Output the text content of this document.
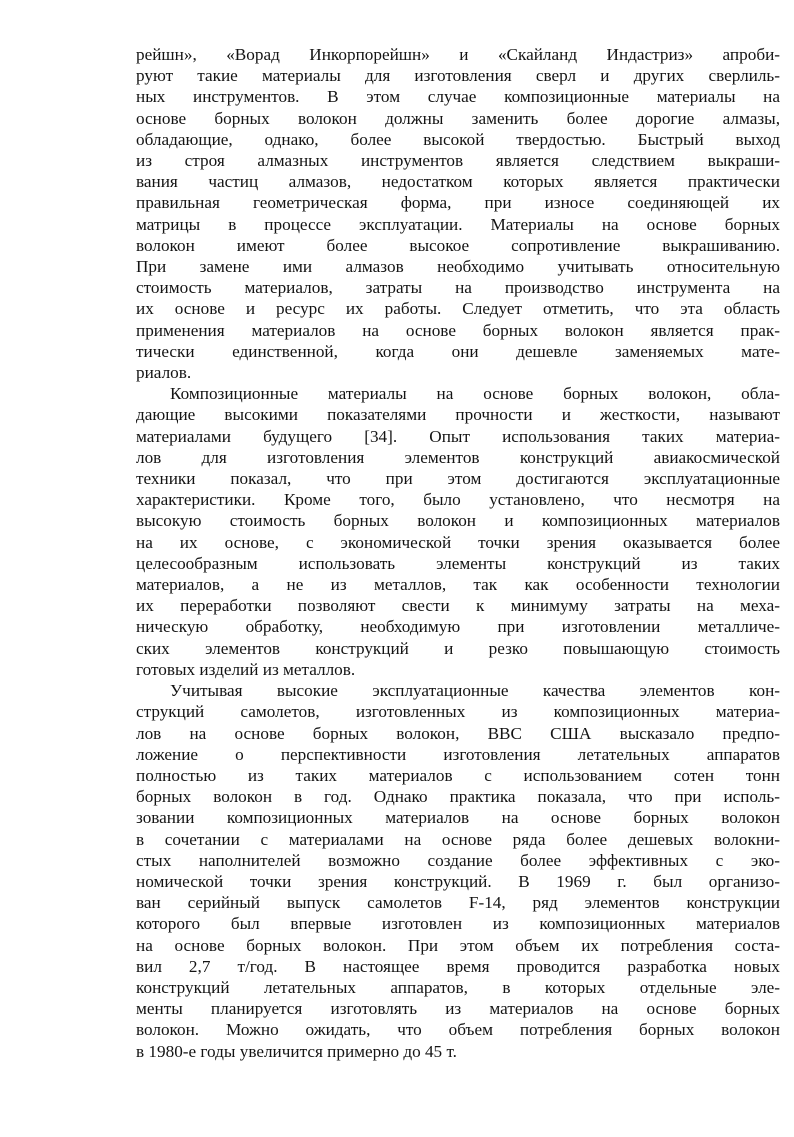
рейшн», «Ворад Инкорпорейшн» и «Скайланд Индастриз» апроби-
руют такие материалы для изготовления сверл и других сверлиль-
ных инструментов. В этом случае композиционные материалы на
основе борных волокон должны заменить более дорогие алмазы,
обладающие, однако, более высокой твердостью. Быстрый выход
из строя алмазных инструментов является следствием выкраши-
вания частиц алмазов, недостатком которых является практически
правильная геометрическая форма, при износе соединяющей их
матрицы в процессе эксплуатации. Материалы на основе борных
волокон имеют более высокое сопротивление выкрашиванию.
При замене ими алмазов необходимо учитывать относительную
стоимость материалов, затраты на производство инструмента на
их основе и ресурс их работы. Следует отметить, что эта область
применения материалов на основе борных волокон является прак-
тически единственной, когда они дешевле заменяемых мате-
риалов.
Композиционные материалы на основе борных волокон, обла-
дающие высокими показателями прочности и жесткости, называют
материалами будущего [34]. Опыт использования таких материа-
лов для изготовления элементов конструкций авиакосмической
техники показал, что при этом достигаются эксплуатационные
характеристики. Кроме того, было установлено, что несмотря на
высокую стоимость борных волокон и композиционных материалов
на их основе, с экономической точки зрения оказывается более
целесообразным использовать элементы конструкций из таких
материалов, а не из металлов, так как особенности технологии
их переработки позволяют свести к минимуму затраты на меха-
ническую обработку, необходимую при изготовлении металличе-
ских элементов конструкций и резко повышающую стоимость
готовых изделий из металлов.
Учитывая высокие эксплуатационные качества элементов кон-
струкций самолетов, изготовленных из композиционных материа-
лов на основе борных волокон, ВВС США высказало предпо-
ложение о перспективности изготовления летательных аппаратов
полностью из таких материалов с использованием сотен тонн
борных волокон в год. Однако практика показала, что при исполь-
зовании композиционных материалов на основе борных волокон
в сочетании с материалами на основе ряда более дешевых волокни-
стых наполнителей возможно создание более эффективных с эко-
номической точки зрения конструкций. В 1969 г. был организо-
ван серийный выпуск самолетов F-14, ряд элементов конструкции
которого был впервые изготовлен из композиционных материалов
на основе борных волокон. При этом объем их потребления соста-
вил 2,7 т/год. В настоящее время проводится разработка новых
конструкций летательных аппаратов, в которых отдельные эле-
менты планируется изготовлять из материалов на основе борных
волокон. Можно ожидать, что объем потребления борных волокон
в 1980-е годы увеличится примерно до 45 т.
